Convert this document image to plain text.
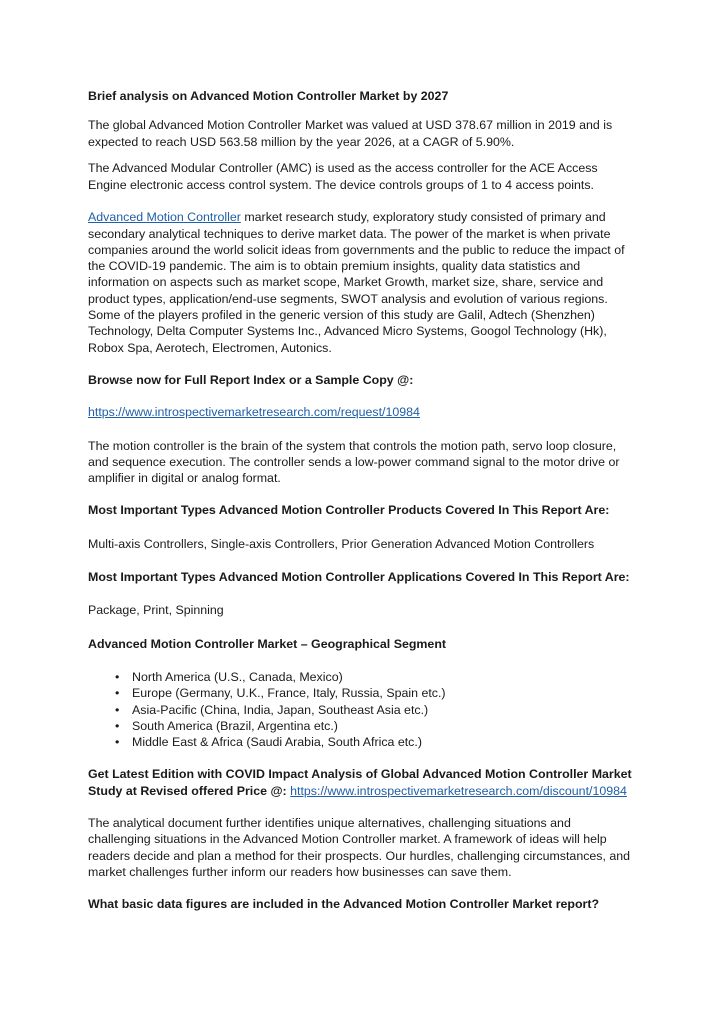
Brief analysis on Advanced Motion Controller Market by 2027

The global Advanced Motion Controller Market was valued at USD 378.67 million in 2019 and is expected to reach USD 563.58 million by the year 2026, at a CAGR of 5.90%.

The Advanced Modular Controller (AMC) is used as the access controller for the ACE Access Engine electronic access control system. The device controls groups of 1 to 4 access points.

Advanced Motion Controller market research study, exploratory study consisted of primary and secondary analytical techniques to derive market data. The power of the market is when private companies around the world solicit ideas from governments and the public to reduce the impact of the COVID-19 pandemic. The aim is to obtain premium insights, quality data statistics and information on aspects such as market scope, Market Growth, market size, share, service and product types, application/end-use segments, SWOT analysis and evolution of various regions. Some of the players profiled in the generic version of this study are Galil, Adtech (Shenzhen) Technology, Delta Computer Systems Inc., Advanced Micro Systems, Googol Technology (Hk), Robox Spa, Aerotech, Electromen, Autonics.

Browse now for Full Report Index or a Sample Copy @:

https://www.introspectivemarketresearch.com/request/10984

The motion controller is the brain of the system that controls the motion path, servo loop closure, and sequence execution. The controller sends a low-power command signal to the motor drive or amplifier in digital or analog format.

Most Important Types Advanced Motion Controller Products Covered In This Report Are:

Multi-axis Controllers, Single-axis Controllers, Prior Generation Advanced Motion Controllers

Most Important Types Advanced Motion Controller Applications Covered In This Report Are:

Package, Print, Spinning

Advanced Motion Controller Market – Geographical Segment

• North America (U.S., Canada, Mexico)
• Europe (Germany, U.K., France, Italy, Russia, Spain etc.)
• Asia-Pacific (China, India, Japan, Southeast Asia etc.)
• South America (Brazil, Argentina etc.)
• Middle East & Africa (Saudi Arabia, South Africa etc.)

Get Latest Edition with COVID Impact Analysis of Global Advanced Motion Controller Market Study at Revised offered Price @: https://www.introspectivemarketresearch.com/discount/10984

The analytical document further identifies unique alternatives, challenging situations and challenging situations in the Advanced Motion Controller market. A framework of ideas will help readers decide and plan a method for their prospects. Our hurdles, challenging circumstances, and market challenges further inform our readers how businesses can save them.

What basic data figures are included in the Advanced Motion Controller Market report?
